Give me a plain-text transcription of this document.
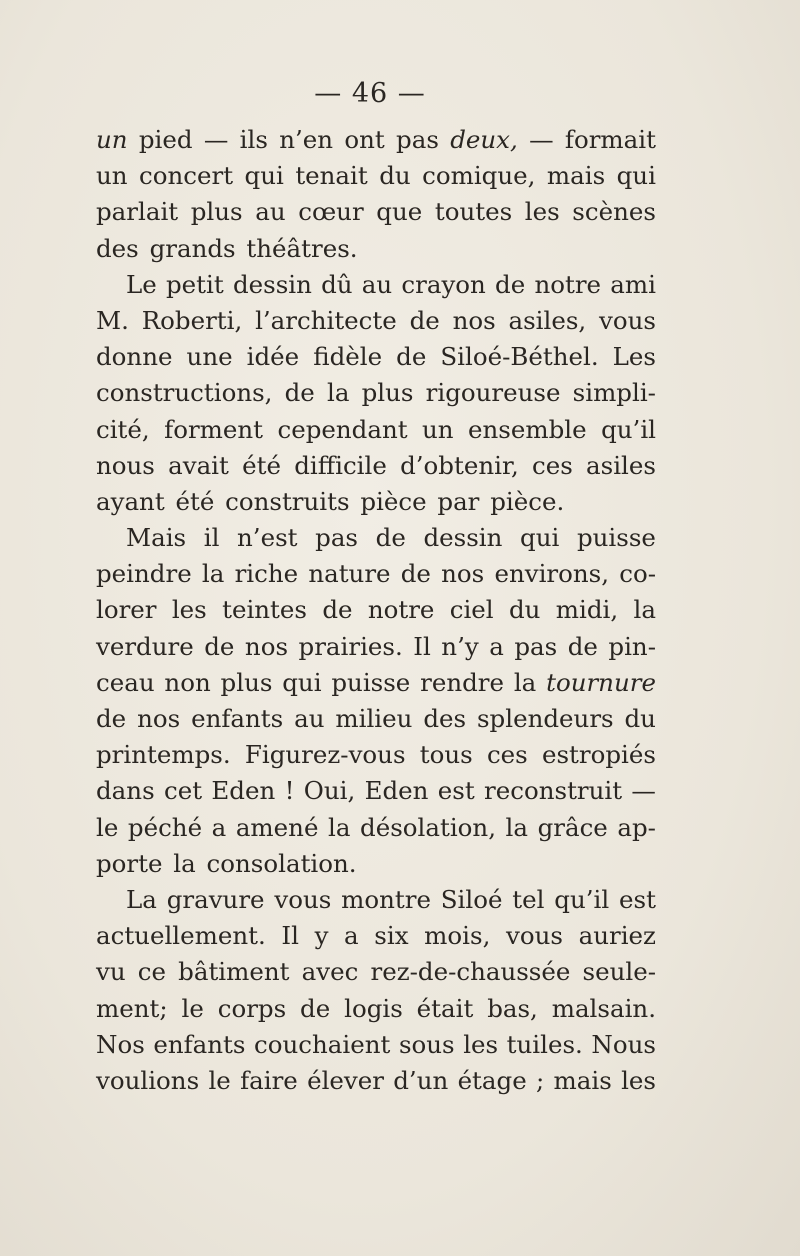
— 46 —
un pied — ils n’en ont pas deux, — formait
un concert qui tenait du comique, mais qui
parlait plus au cœur que toutes les scènes
des
grands
théâtres.
Le petit dessin dû au crayon de notre ami
M. Roberti, l’architecte de nos asiles, vous
donne une idée fidèle de Siloé-Béthel. Les
constructions, de la plus rigoureuse simpli-
cité, forment cependant un ensemble qu’il
nous avait été difficile d’obtenir, ces asiles
ayant
été
construits
pièce
par
pièce.
Mais il n’est pas de dessin qui puisse
peindre la riche nature de nos environs, co-
lorer les teintes de notre ciel du midi, la
verdure de nos prairies. Il n’y a pas de pin-
ceau non plus qui puisse rendre la tournure
de nos enfants au milieu des splendeurs du
printemps. Figurez-vous tous ces estropiés
dans cet Eden ! Oui, Eden est reconstruit —
le péché a amené la désolation, la grâce ap-
porte
la
consolation.
La gravure vous montre Siloé tel qu’il est
actuellement. Il y a six mois, vous auriez
vu ce bâtiment avec rez-de-chaussée seule-
ment; le corps de logis était bas, malsain.
Nos enfants couchaient sous les tuiles. Nous
voulions le faire élever d’un étage ; mais les
